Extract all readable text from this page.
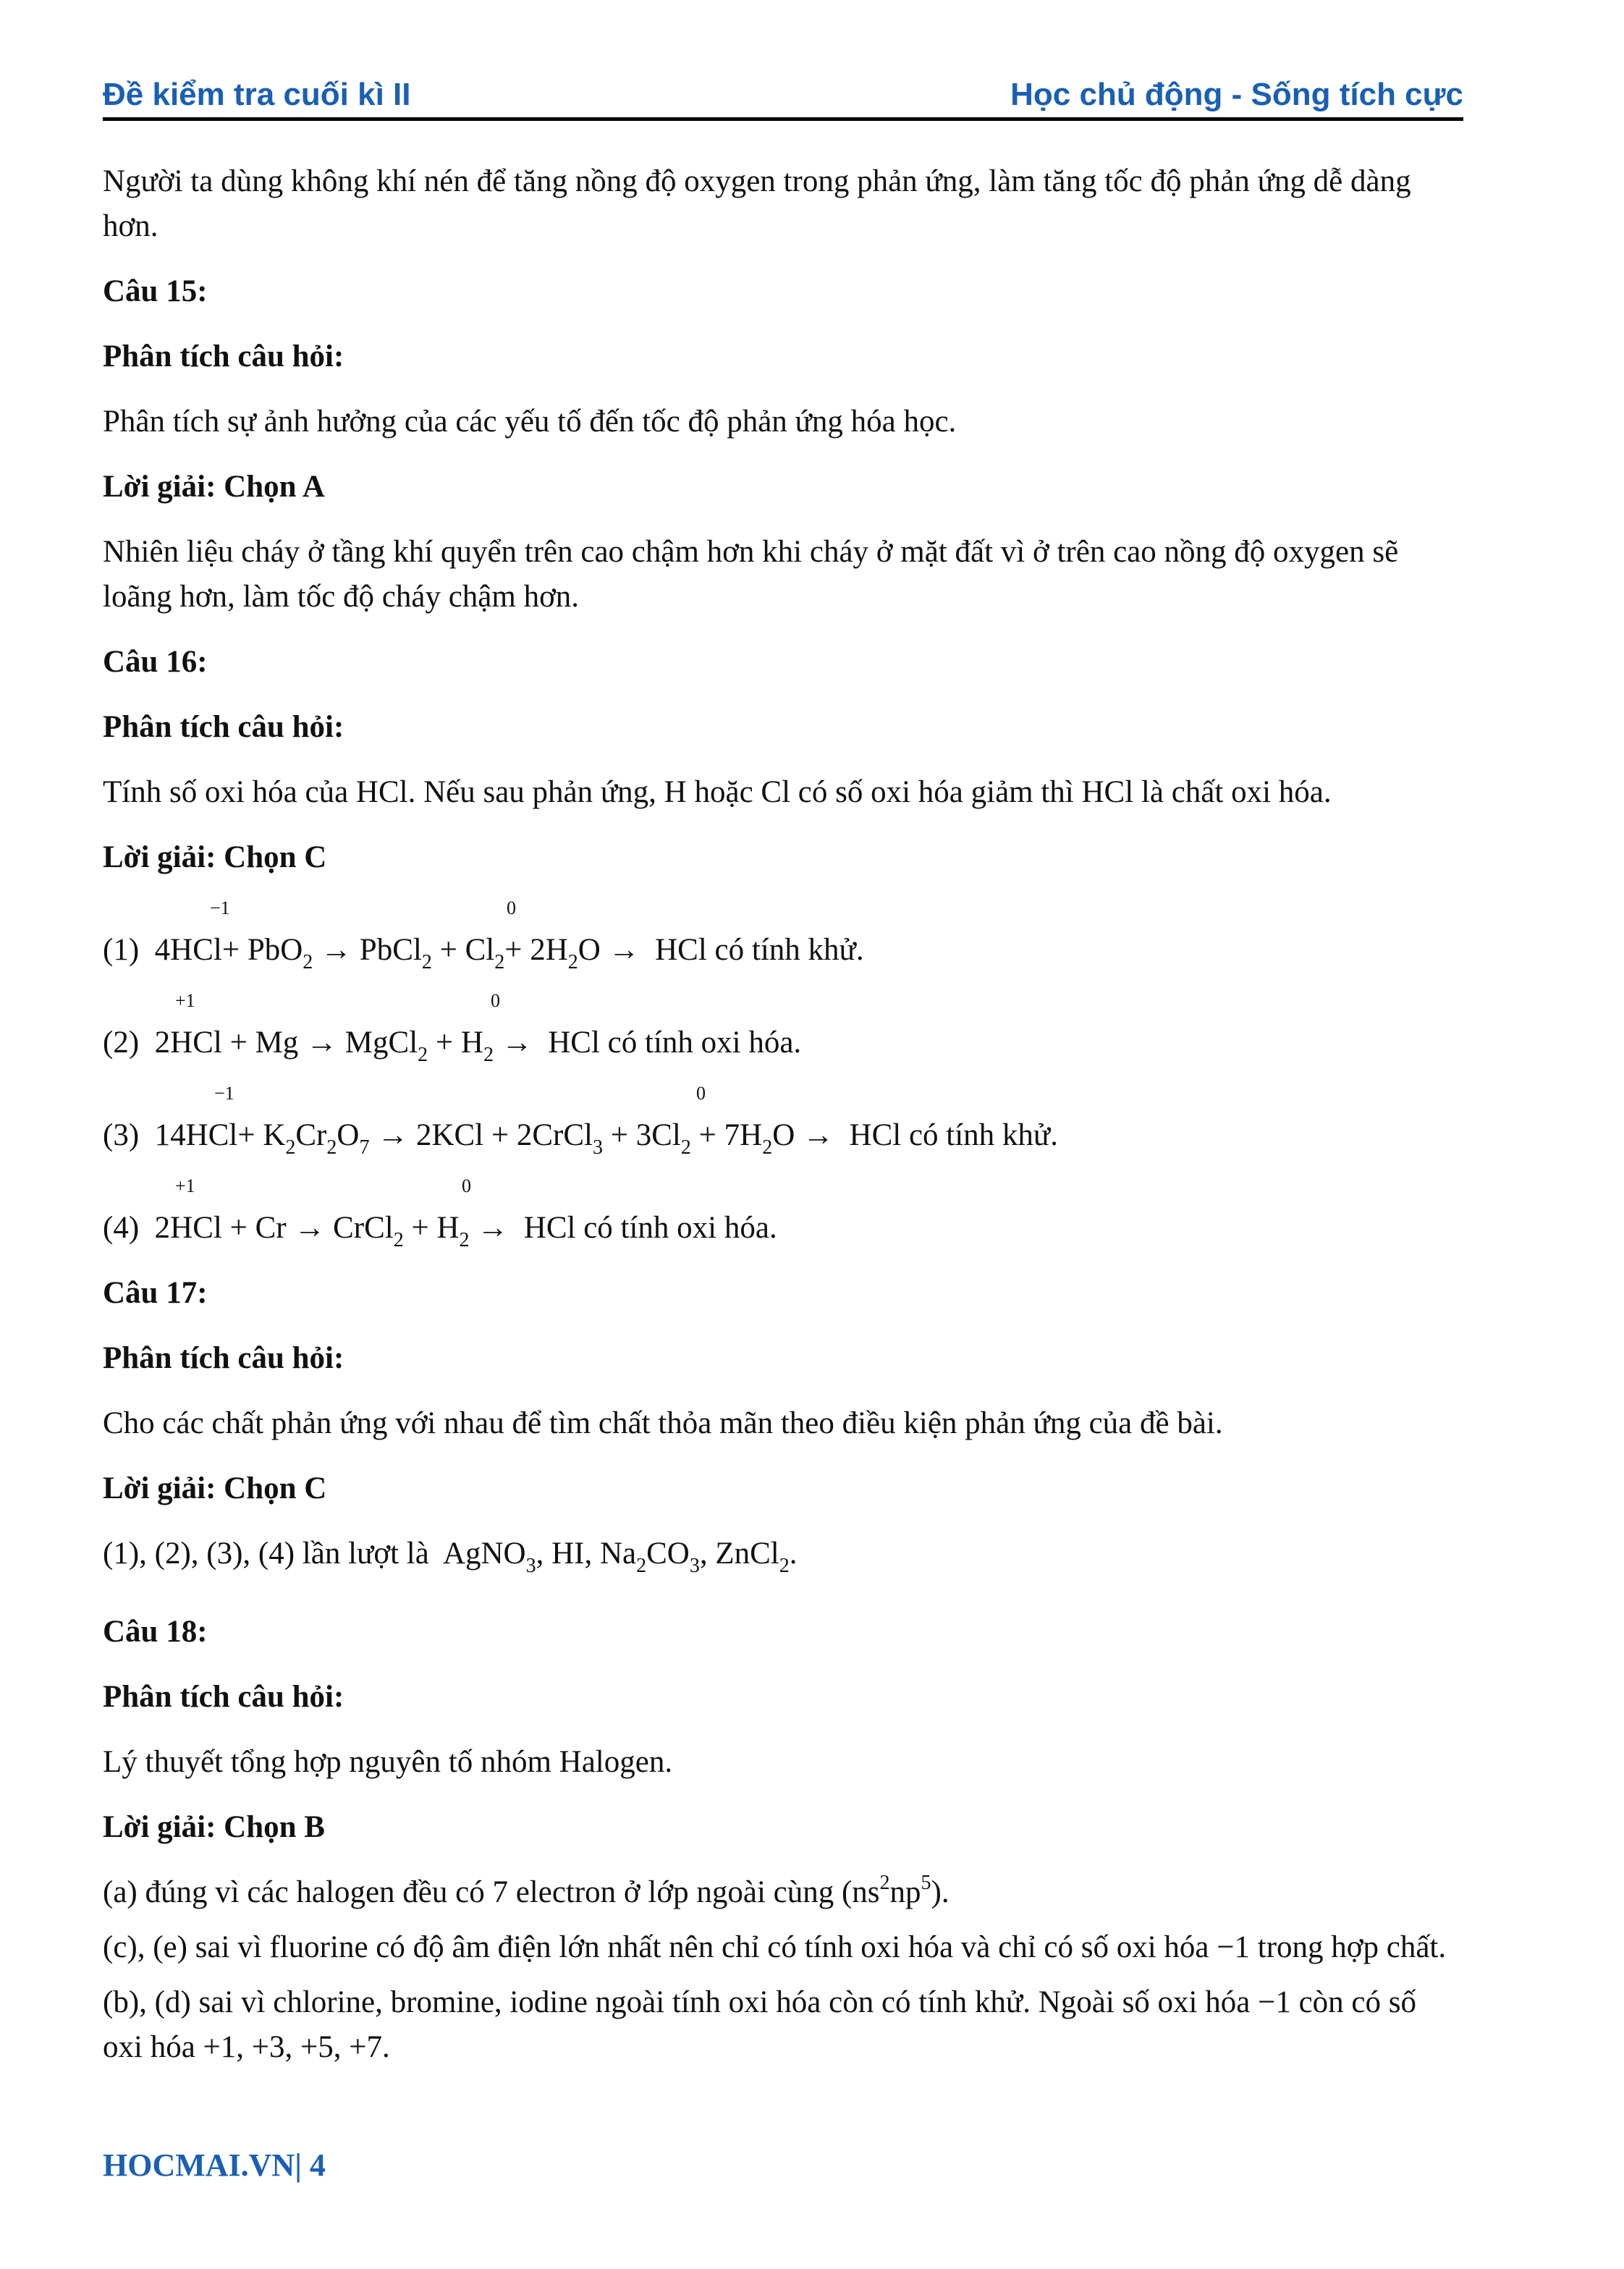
Đề kiểm tra cuối kì II	Học chủ động - Sống tích cực

Người ta dùng không khí nén để tăng nồng độ oxygen trong phản ứng, làm tăng tốc độ phản ứng dễ dàng hơn.

Câu 15:

Phân tích câu hỏi:

Phân tích sự ảnh hưởng của các yếu tố đến tốc độ phản ứng hóa học.

Lời giải: Chọn A

Nhiên liệu cháy ở tầng khí quyển trên cao chậm hơn khi cháy ở mặt đất vì ở trên cao nồng độ oxygen sẽ loãng hơn, làm tốc độ cháy chậm hơn.

Câu 16:

Phân tích câu hỏi:

Tính số oxi hóa của HCl. Nếu sau phản ứng, H hoặc Cl có số oxi hóa giảm thì HCl là chất oxi hóa.

Lời giải: Chọn C

−1	0
(1)  4HCl+ PbO$_2$ → PbCl$_2$ + $Cl_2+ 2H_2O$ →  HCl có tính khử.

+1	0
(2)  2HCl + Mg → MgCl$_2$ + $H_2$ →  HCl có tính oxi hóa.

−1	0
(3)  $14HCl+ K_2Cr_2O_7 \to 2KCl$ + 2CrCl$_3$ + $3Cl_2 + 7H_2O$ →  HCl có tính khử.

+1	0
(4)  2HCl + Cr → CrCl$_2$ + $H_2$ →  HCl có tính oxi hóa.

Câu 17:

Phân tích câu hỏi:

Cho các chất phản ứng với nhau để tìm chất thỏa mãn theo điều kiện phản ứng của đề bài.

Lời giải: Chọn C

(1), (2), (3), (4) lần lượt là  AgNO$_3$, HI, $Na_2CO_3$, ZnCl$_2$.

Câu 18:

Phân tích câu hỏi:

Lý thuyết tổng hợp nguyên tố nhóm Halogen.

Lời giải: Chọn B

(a) đúng vì các halogen đều có 7 electron ở lớp ngoài cùng $(ns^2np^5)$.

(c), (e) sai vì fluorine có độ âm điện lớn nhất nên chỉ có tính oxi hóa và chỉ có số oxi hóa −1 trong hợp chất.

(b), (d) sai vì chlorine, bromine, iodine ngoài tính oxi hóa còn có tính khử. Ngoài số oxi hóa −1 còn có số oxi hóa +1, +3, +5, +7.

HOCMAI.VN| 4
